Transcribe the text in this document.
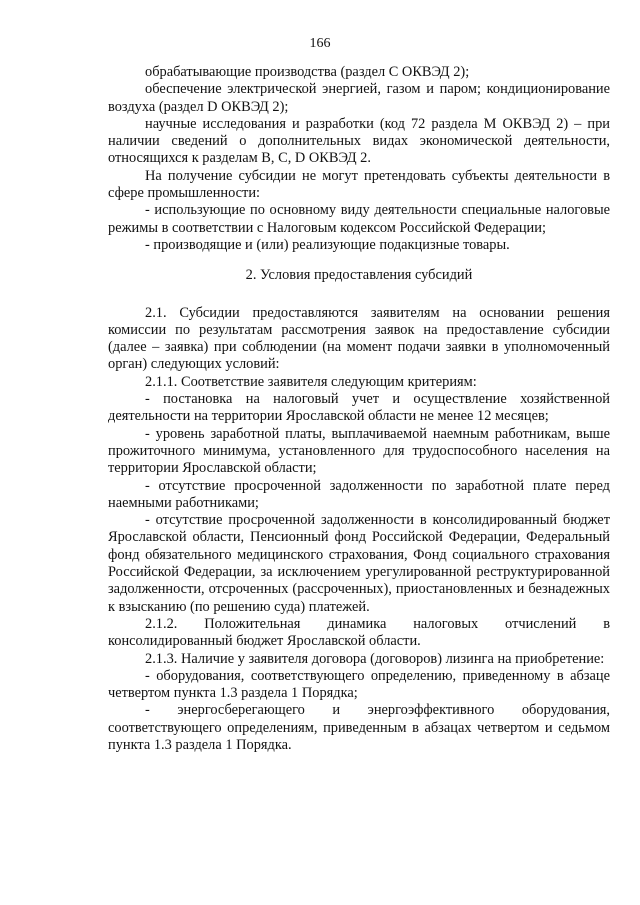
166

обрабатывающие производства (раздел С ОКВЭД 2);

обеспечение электрической энергией, газом и паром; кондиционирование воздуха (раздел D ОКВЭД 2);

научные исследования и разработки (код 72 раздела М ОКВЭД 2) – при наличии сведений о дополнительных видах экономической деятельности, относящихся к разделам В, С, D ОКВЭД 2.

На получение субсидии не могут претендовать субъекты деятельности в сфере промышленности:

- использующие по основному виду деятельности специальные налоговые режимы в соответствии с Налоговым кодексом Российской Федерации;

- производящие и (или) реализующие подакцизные товары.

2. Условия предоставления субсидий

2.1. Субсидии предоставляются заявителям на основании решения комиссии по результатам рассмотрения заявок на предоставление субсидии (далее – заявка) при соблюдении (на момент подачи заявки в уполномоченный орган) следующих условий:

2.1.1. Соответствие заявителя следующим критериям:

- постановка на налоговый учет и осуществление хозяйственной деятельности на территории Ярославской области не менее 12 месяцев;

- уровень заработной платы, выплачиваемой наемным работникам, выше прожиточного минимума, установленного для трудоспособного населения на территории Ярославской области;

- отсутствие просроченной задолженности по заработной плате перед наемными работниками;

- отсутствие просроченной задолженности в консолидированный бюджет Ярославской области, Пенсионный фонд Российской Федерации, Федеральный фонд обязательного медицинского страхования, Фонд социального страхования Российской Федерации, за исключением урегулированной реструктурированной задолженности, отсроченных (рассроченных), приостановленных и безнадежных к взысканию (по решению суда) платежей.

2.1.2. Положительная динамика налоговых отчислений в консолидированный бюджет Ярославской области.

2.1.3. Наличие у заявителя договора (договоров) лизинга на приобретение:

- оборудования, соответствующего определению, приведенному в абзаце четвертом пункта 1.3 раздела 1 Порядка;

- энергосберегающего и энергоэффективного оборудования, соответствующего определениям, приведенным в абзацах четвертом и седьмом пункта 1.3 раздела 1 Порядка.
